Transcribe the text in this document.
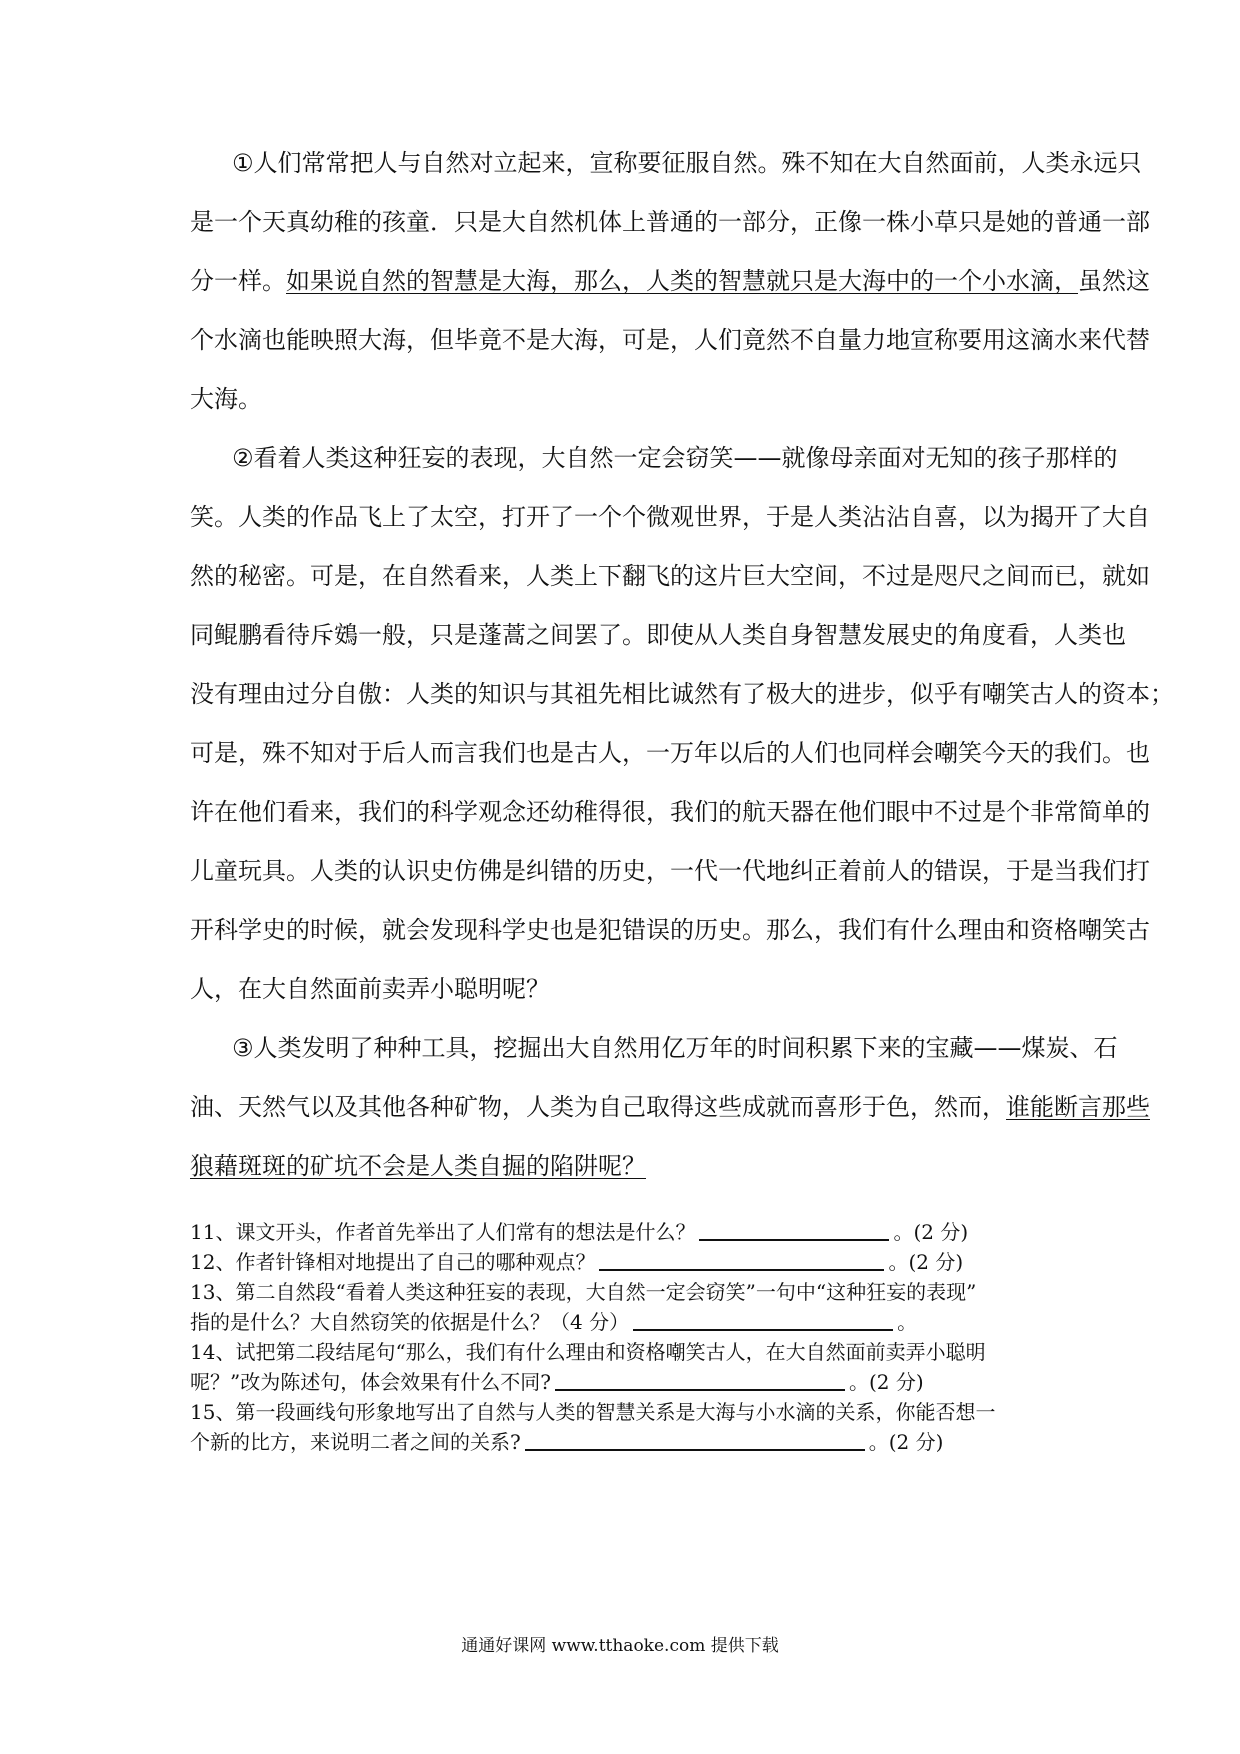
①人们常常把人与自然对立起来，宣称要征服自然。殊不知在大自然面前，人类永远只
是一个天真幼稚的孩童．只是大自然机体上普通的一部分，正像一株小草只是她的普通一部
分一样。如果说自然的智慧是大海，那么，人类的智慧就只是大海中的一个小水滴，虽然这
个水滴也能映照大海，但毕竟不是大海，可是，人们竟然不自量力地宣称要用这滴水来代替
大海。
②看着人类这种狂妄的表现，大自然一定会窃笑——就像母亲面对无知的孩子那样的
笑。人类的作品飞上了太空，打开了一个个微观世界，于是人类沾沾自喜，以为揭开了大自
然的秘密。可是，在自然看来，人类上下翻飞的这片巨大空间，不过是咫尺之间而已，就如
同鲲鹏看待斥鴳一般，只是蓬蒿之间罢了。即使从人类自身智慧发展史的角度看，人类也
没有理由过分自傲：人类的知识与其祖先相比诚然有了极大的进步，似乎有嘲笑古人的资本；
可是，殊不知对于后人而言我们也是古人，一万年以后的人们也同样会嘲笑今天的我们。也
许在他们看来，我们的科学观念还幼稚得很，我们的航天器在他们眼中不过是个非常简单的
儿童玩具。人类的认识史仿佛是纠错的历史，一代一代地纠正着前人的错误，于是当我们打
开科学史的时候，就会发现科学史也是犯错误的历史。那么，我们有什么理由和资格嘲笑古
人，在大自然面前卖弄小聪明呢？
③人类发明了种种工具，挖掘出大自然用亿万年的时间积累下来的宝藏——煤炭、石
油、天然气以及其他各种矿物，人类为自己取得这些成就而喜形于色，然而，谁能断言那些
狼藉斑斑的矿坑不会是人类自掘的陷阱呢？
11、课文开头，作者首先举出了人们常有的想法是什么？	。(2 分)
12、作者针锋相对地提出了自己的哪种观点？	。(2 分)
13、第二自然段“看着人类这种狂妄的表现，大自然一定会窃笑”一句中“这种狂妄的表现”
指的是什么？大自然窃笑的依据是什么？（4 分）	。
14、试把第二段结尾句“那么，我们有什么理由和资格嘲笑古人，在大自然面前卖弄小聪明
呢？”改为陈述句，体会效果有什么不同?	。(2 分)
15、第一段画线句形象地写出了自然与人类的智慧关系是大海与小水滴的关系，你能否想一
个新的比方，来说明二者之间的关系?	。(2 分)
通通好课网 www.tthaoke.com 提供下载
